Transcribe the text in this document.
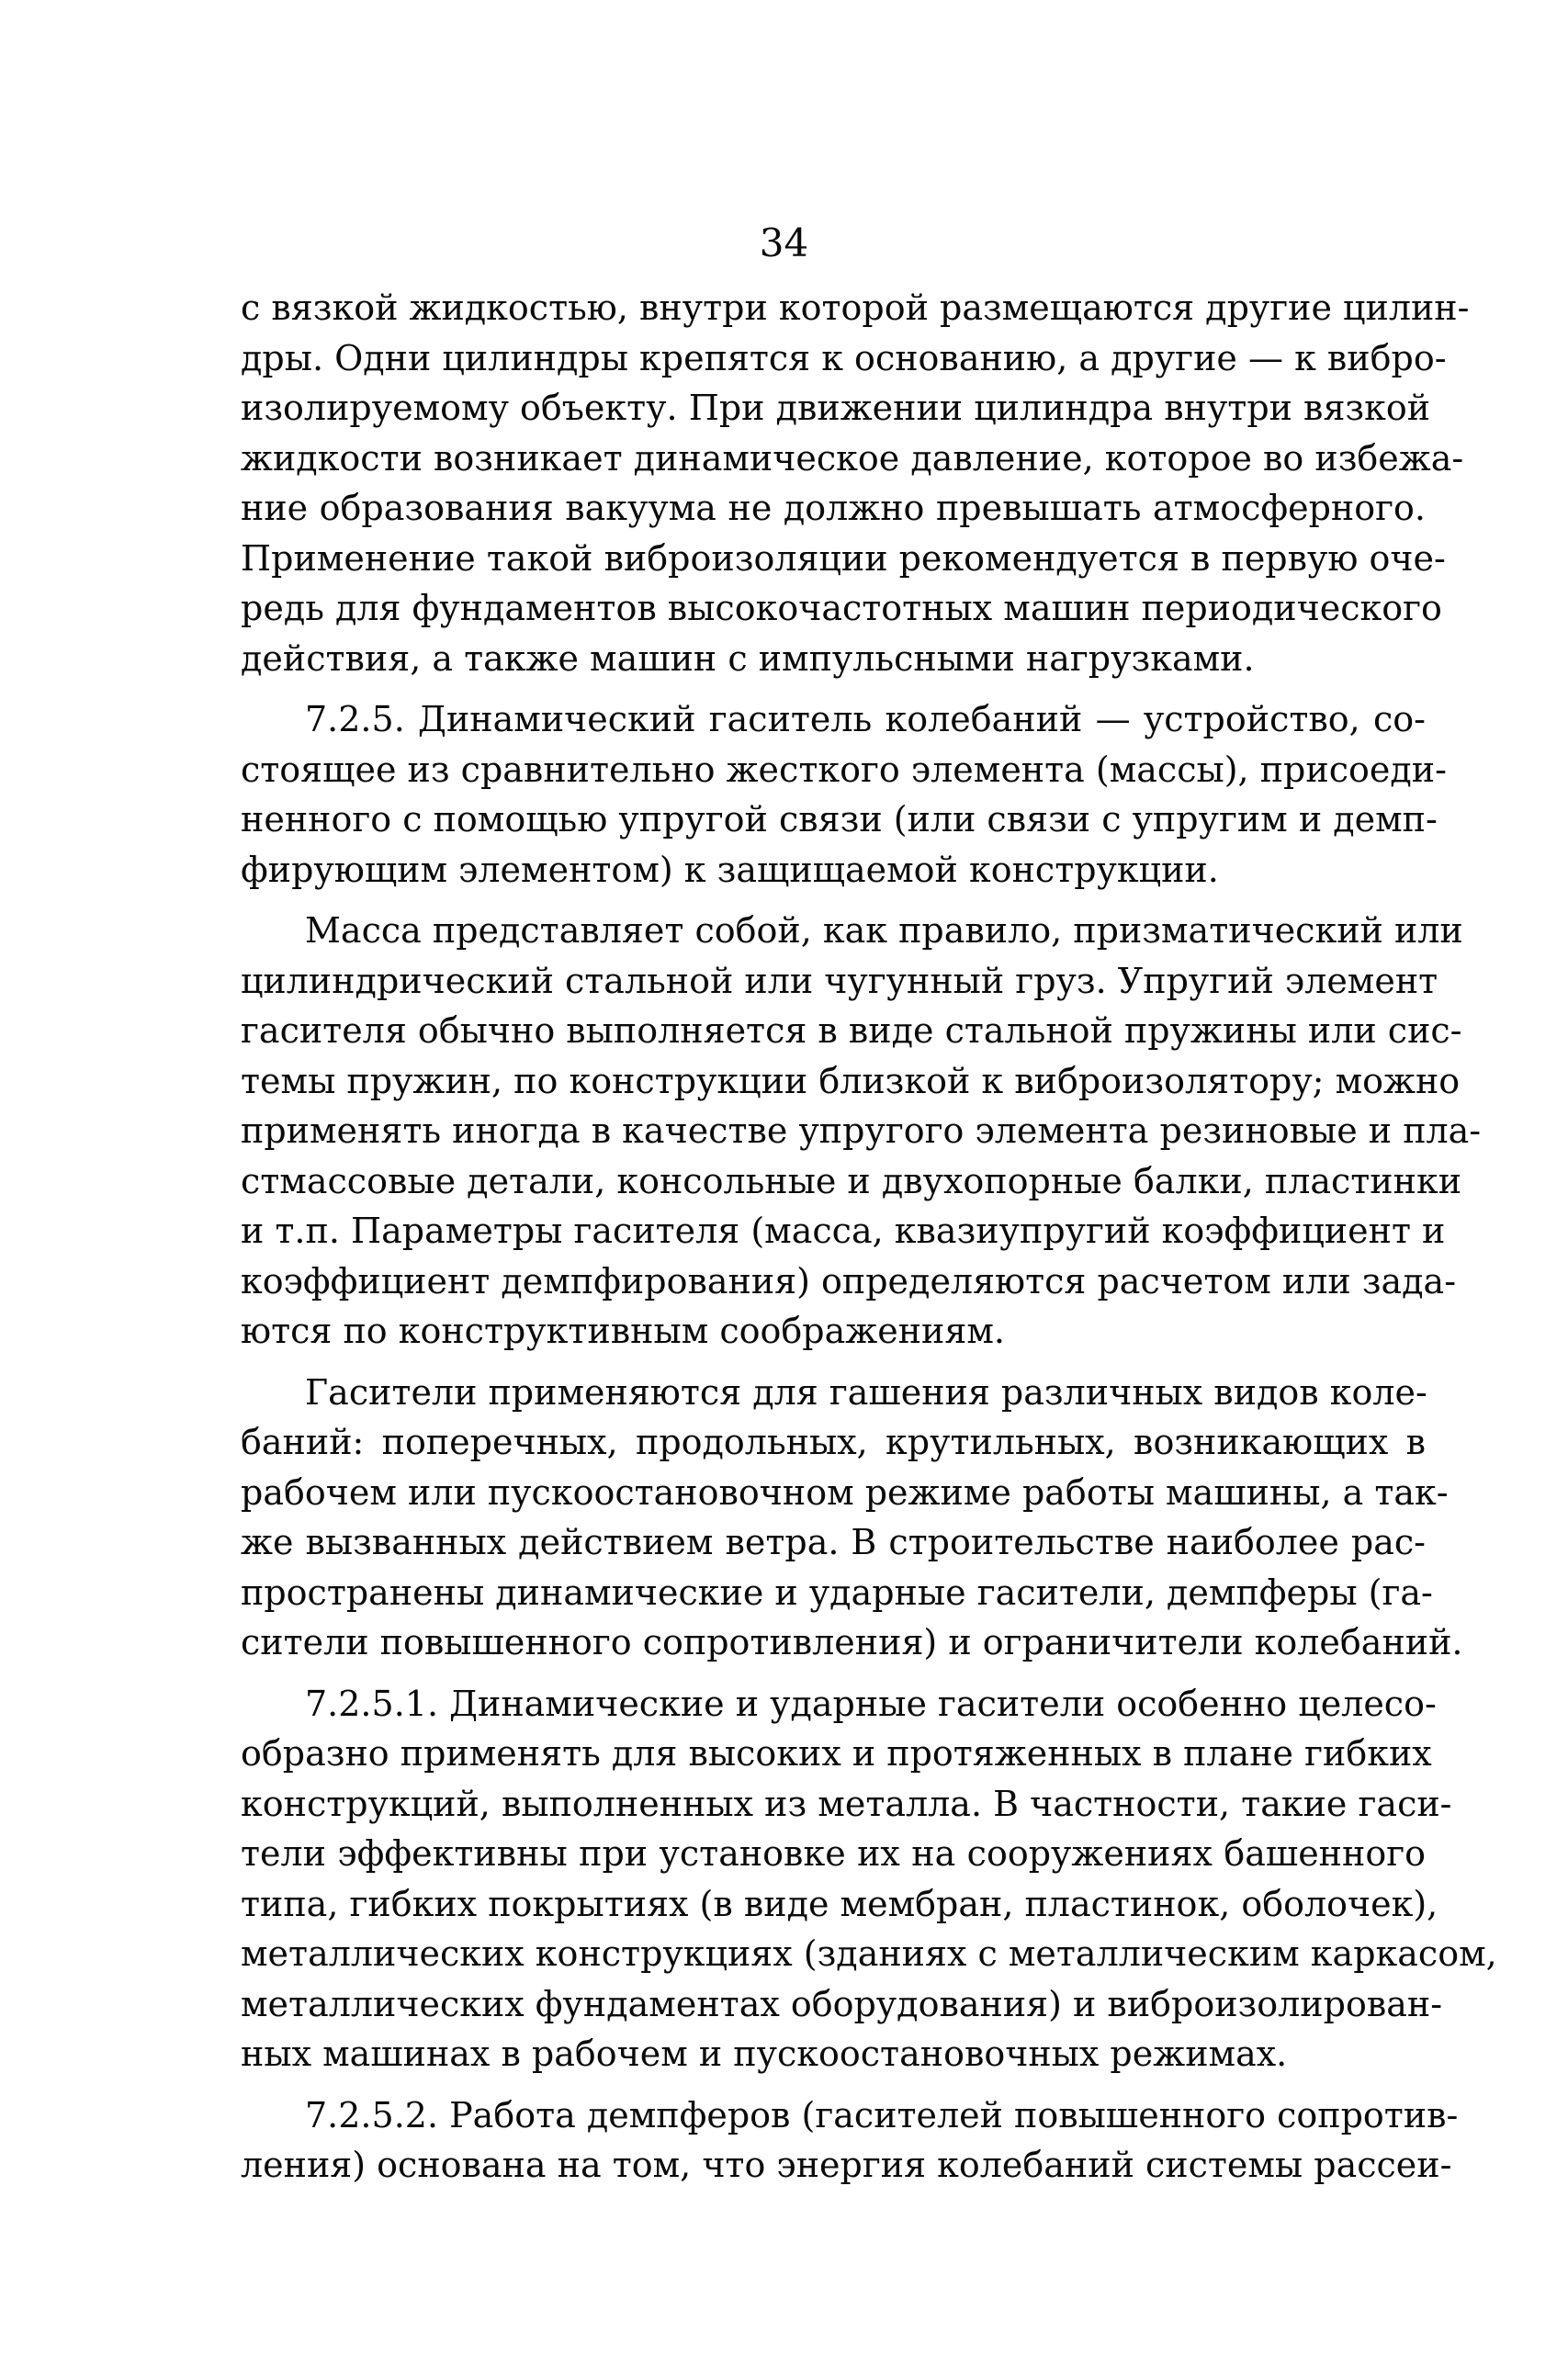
34
с вязкой жидкостью, внутри которой размещаются другие цилин-
дры. Одни цилиндры крепятся к основанию, а другие — к вибро-
изолируемому объекту. При движении цилиндра внутри вязкой
жидкости возникает динамическое давление, которое во избежа-
ние образования вакуума не должно превышать атмосферного.
Применение такой виброизоляции рекомендуется в первую оче-
редь для фундаментов высокочастотных машин периодического
действия, а также машин с импульсными нагрузками.
7.2.5. Динамический гаситель колебаний — устройство, со-
стоящее из сравнительно жесткого элемента (массы), присоеди-
ненного с помощью упругой связи (или связи с упругим и демп-
фирующим элементом) к защищаемой конструкции.
Масса представляет собой, как правило, призматический или
цилиндрический стальной или чугунный груз. Упругий элемент
гасителя обычно выполняется в виде стальной пружины или сис-
темы пружин, по конструкции близкой к виброизолятору; можно
применять иногда в качестве упругого элемента резиновые и пла-
стмассовые детали, консольные и двухопорные балки, пластинки
и т.п. Параметры гасителя (масса, квазиупругий коэффициент и
коэффициент демпфирования) определяются расчетом или зада-
ются по конструктивным соображениям.
Гасители применяются для гашения различных видов коле-
баний: поперечных, продольных, крутильных, возникающих в
рабочем или пускоостановочном режиме работы машины, а так-
же вызванных действием ветра. В строительстве наиболее рас-
пространены динамические и ударные гасители, демпферы (га-
сители повышенного сопротивления) и ограничители колебаний.
7.2.5.1. Динамические и ударные гасители особенно целесо-
образно применять для высоких и протяженных в плане гибких
конструкций, выполненных из металла. В частности, такие гаси-
тели эффективны при установке их на сооружениях башенного
типа, гибких покрытиях (в виде мембран, пластинок, оболочек),
металлических конструкциях (зданиях с металлическим каркасом,
металлических фундаментах оборудования) и виброизолирован-
ных машинах в рабочем и пускоостановочных режимах.
7.2.5.2. Работа демпферов (гасителей повышенного сопротив-
ления) основана на том, что энергия колебаний системы рассеи-
